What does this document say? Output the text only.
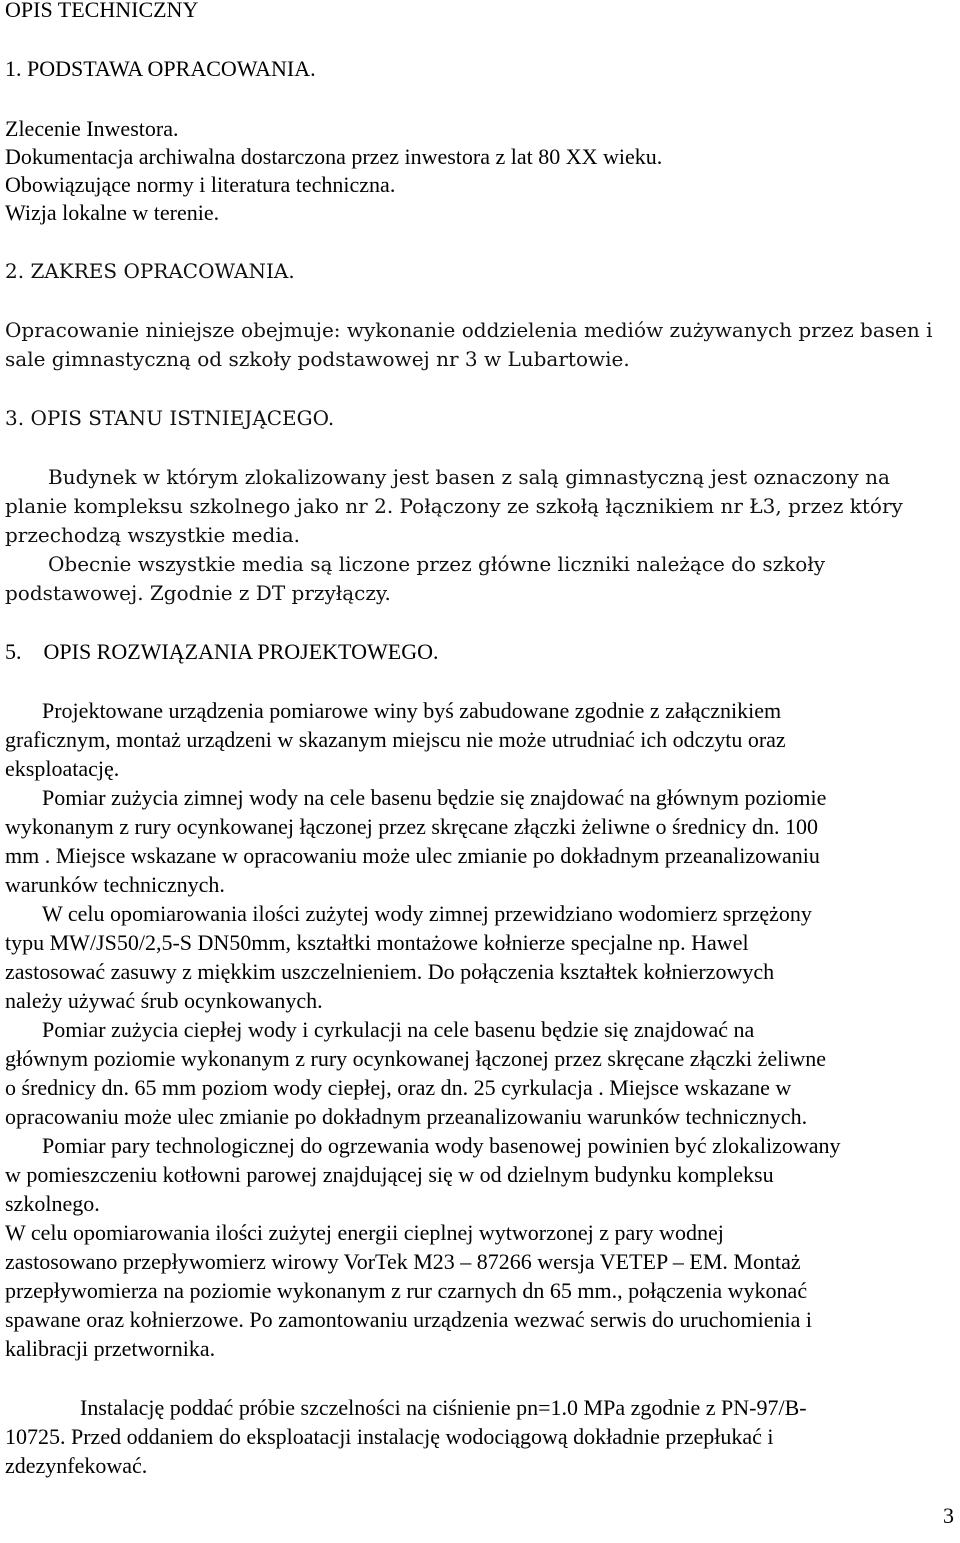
OPIS TECHNICZNY
1. PODSTAWA OPRACOWANIA.
Zlecenie Inwestora.
Dokumentacja archiwalna dostarczona przez inwestora z lat 80 XX wieku.
Obowiązujące normy i literatura techniczna.
Wizja lokalne w terenie.
2. ZAKRES OPRACOWANIA.
Opracowanie niniejsze obejmuje: wykonanie oddzielenia mediów zużywanych przez basen i
sale gimnastyczną od szkoły podstawowej nr 3 w Lubartowie.
3. OPIS STANU ISTNIEJĄCEGO.
Budynek w którym zlokalizowany jest basen z salą gimnastyczną jest oznaczony na
planie kompleksu szkolnego jako nr 2. Połączony ze szkołą łącznikiem nr Ł3, przez który
przechodzą wszystkie media.
Obecnie wszystkie media są liczone przez główne liczniki należące do szkoły
podstawowej. Zgodnie z DT przyłączy.
5.    OPIS ROZWIĄZANIA PROJEKTOWEGO.
Projektowane urządzenia pomiarowe winy byś zabudowane zgodnie z załącznikiem
graficznym, montaż urządzeni w skazanym miejscu nie może utrudniać ich odczytu oraz
eksploatację.
Pomiar zużycia zimnej wody na cele basenu będzie się znajdować na głównym poziomie
wykonanym z rury ocynkowanej łączonej przez skręcane złączki żeliwne o średnicy dn. 100
mm . Miejsce wskazane w opracowaniu może ulec zmianie po dokładnym przeanalizowaniu
warunków technicznych.
W celu opomiarowania ilości zużytej wody zimnej przewidziano wodomierz sprzężony
typu MW/JS50/2,5-S DN50mm, kształtki montażowe kołnierze specjalne np. Hawel
zastosować zasuwy z miękkim uszczelnieniem. Do połączenia kształtek kołnierzowych
należy używać śrub ocynkowanych.
Pomiar zużycia ciepłej wody i cyrkulacji na cele basenu będzie się znajdować na
głównym poziomie wykonanym z rury ocynkowanej łączonej przez skręcane złączki żeliwne
o średnicy dn. 65 mm poziom wody ciepłej, oraz dn. 25 cyrkulacja . Miejsce wskazane w
opracowaniu może ulec zmianie po dokładnym przeanalizowaniu warunków technicznych.
Pomiar pary technologicznej do ogrzewania wody basenowej powinien być zlokalizowany
w pomieszczeniu kotłowni parowej znajdującej się w od dzielnym budynku kompleksu
szkolnego.
W celu opomiarowania ilości zużytej energii cieplnej wytworzonej z pary wodnej
zastosowano przepływomierz wirowy VorTek M23 – 87266 wersja VETEP – EM. Montaż
przepływomierza na poziomie wykonanym z rur czarnych dn 65 mm., połączenia wykonać
spawane oraz kołnierzowe. Po zamontowaniu urządzenia wezwać serwis do uruchomienia i
kalibracji przetwornika.
Instalację poddać próbie szczelności na ciśnienie pn=1.0 MPa zgodnie z PN-97/B-
10725. Przed oddaniem do eksploatacji instalację wodociągową dokładnie przepłukać i
zdezynfekować.
3
